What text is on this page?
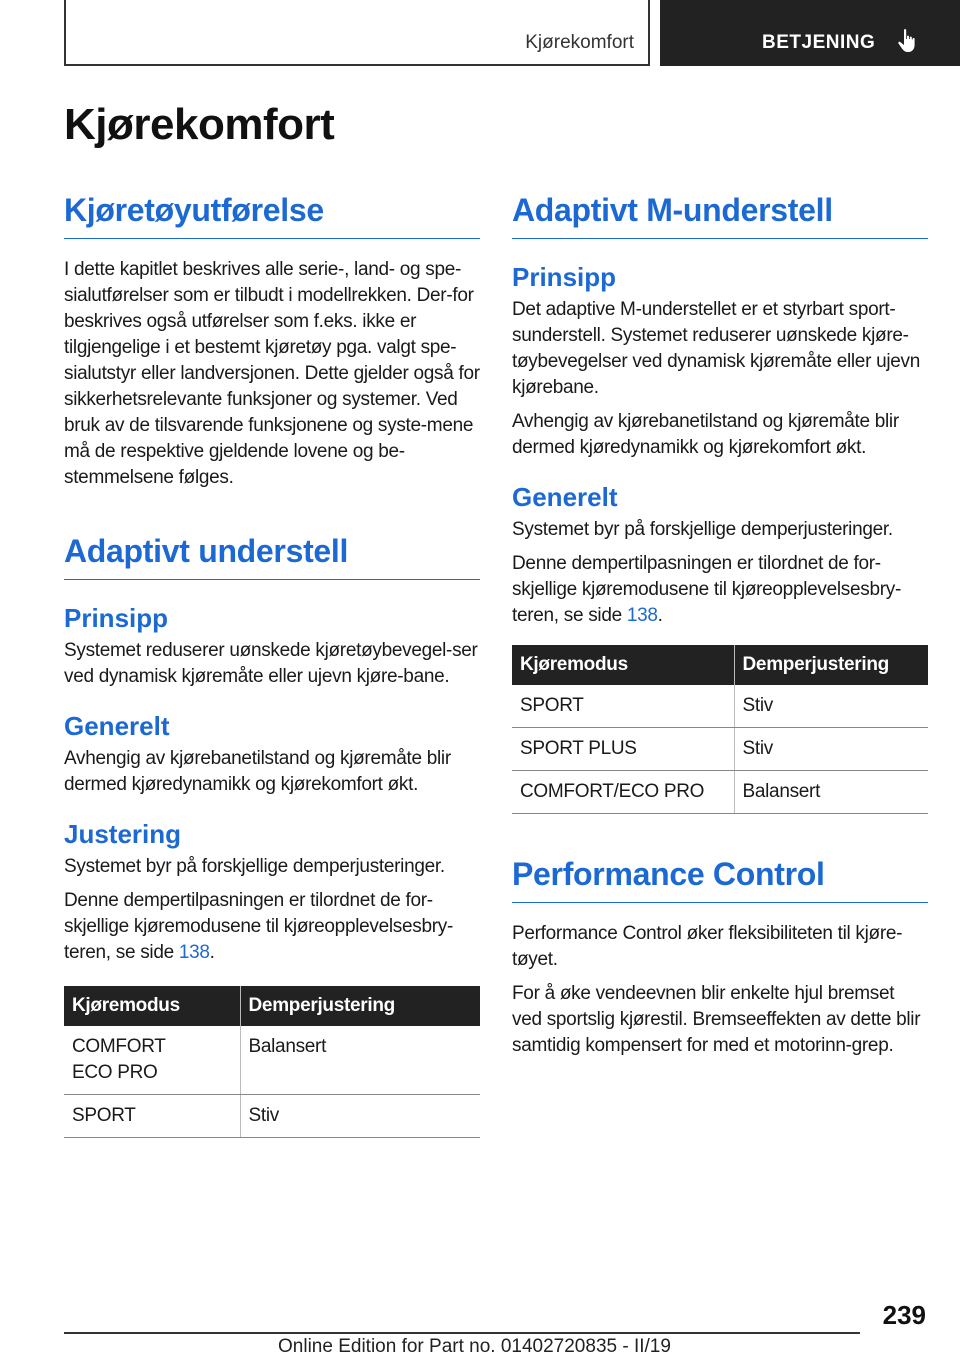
Kjørekomfort	BETJENING
Kjørekomfort
Kjøretøyutførelse

I dette kapitlet beskrives alle serie-, land- og spe-sialutførelser som er tilbudt i modellrekken. Der-for beskrives også utførelser som f.eks. ikke er tilgjengelige i et bestemt kjøretøy pga. valgt spe-sialutstyr eller landversjonen. Dette gjelder også for sikkerhetsrelevante funksjoner og systemer. Ved bruk av de tilsvarende funksjonene og syste-mene må de respektive gjeldende lovene og be-stemmelsene følges.

Adaptivt understell
Prinsipp

Systemet reduserer uønskede kjøretøybevegel-ser ved dynamisk kjøremåte eller ujevn kjøre-bane.

Generelt

Avhengig av kjørebanetilstand og kjøremåte blir dermed kjøredynamikk og kjørekomfort økt.

Justering

Systemet byr på forskjellige demperjusteringer.

Denne dempertilpasningen er tilordnet de for-skjellige kjøremodusene til kjøreopplevelsesbry-teren, se side 138.

Kjøremodus	Demperjustering

COMFORT
ECO PRO	Balansert
SPORT	Stiv
Adaptivt M-understell
Prinsipp

Det adaptive M-understellet er et styrbart sport-sunderstell. Systemet reduserer uønskede kjøre-tøybevegelser ved dynamisk kjøremåte eller ujevn kjørebane.

Avhengig av kjørebanetilstand og kjøremåte blir dermed kjøredynamikk og kjørekomfort økt.

Generelt

Systemet byr på forskjellige demperjusteringer.

Denne dempertilpasningen er tilordnet de for-skjellige kjøremodusene til kjøreopplevelsesbry-teren, se side 138.

Kjøremodus	Demperjustering
SPORT	Stiv
SPORT PLUS	Stiv
COMFORT/ECO PRO	Balansert
Performance Control

Performance Control øker fleksibiliteten til kjøre-tøyet.

For å øke vendeevnen blir enkelte hjul bremset ved sportslig kjørestil. Bremseeffekten av dette blir samtidig kompensert for med et motorinn-grep.

239
Online Edition for Part no. 01402720835 - II/19
